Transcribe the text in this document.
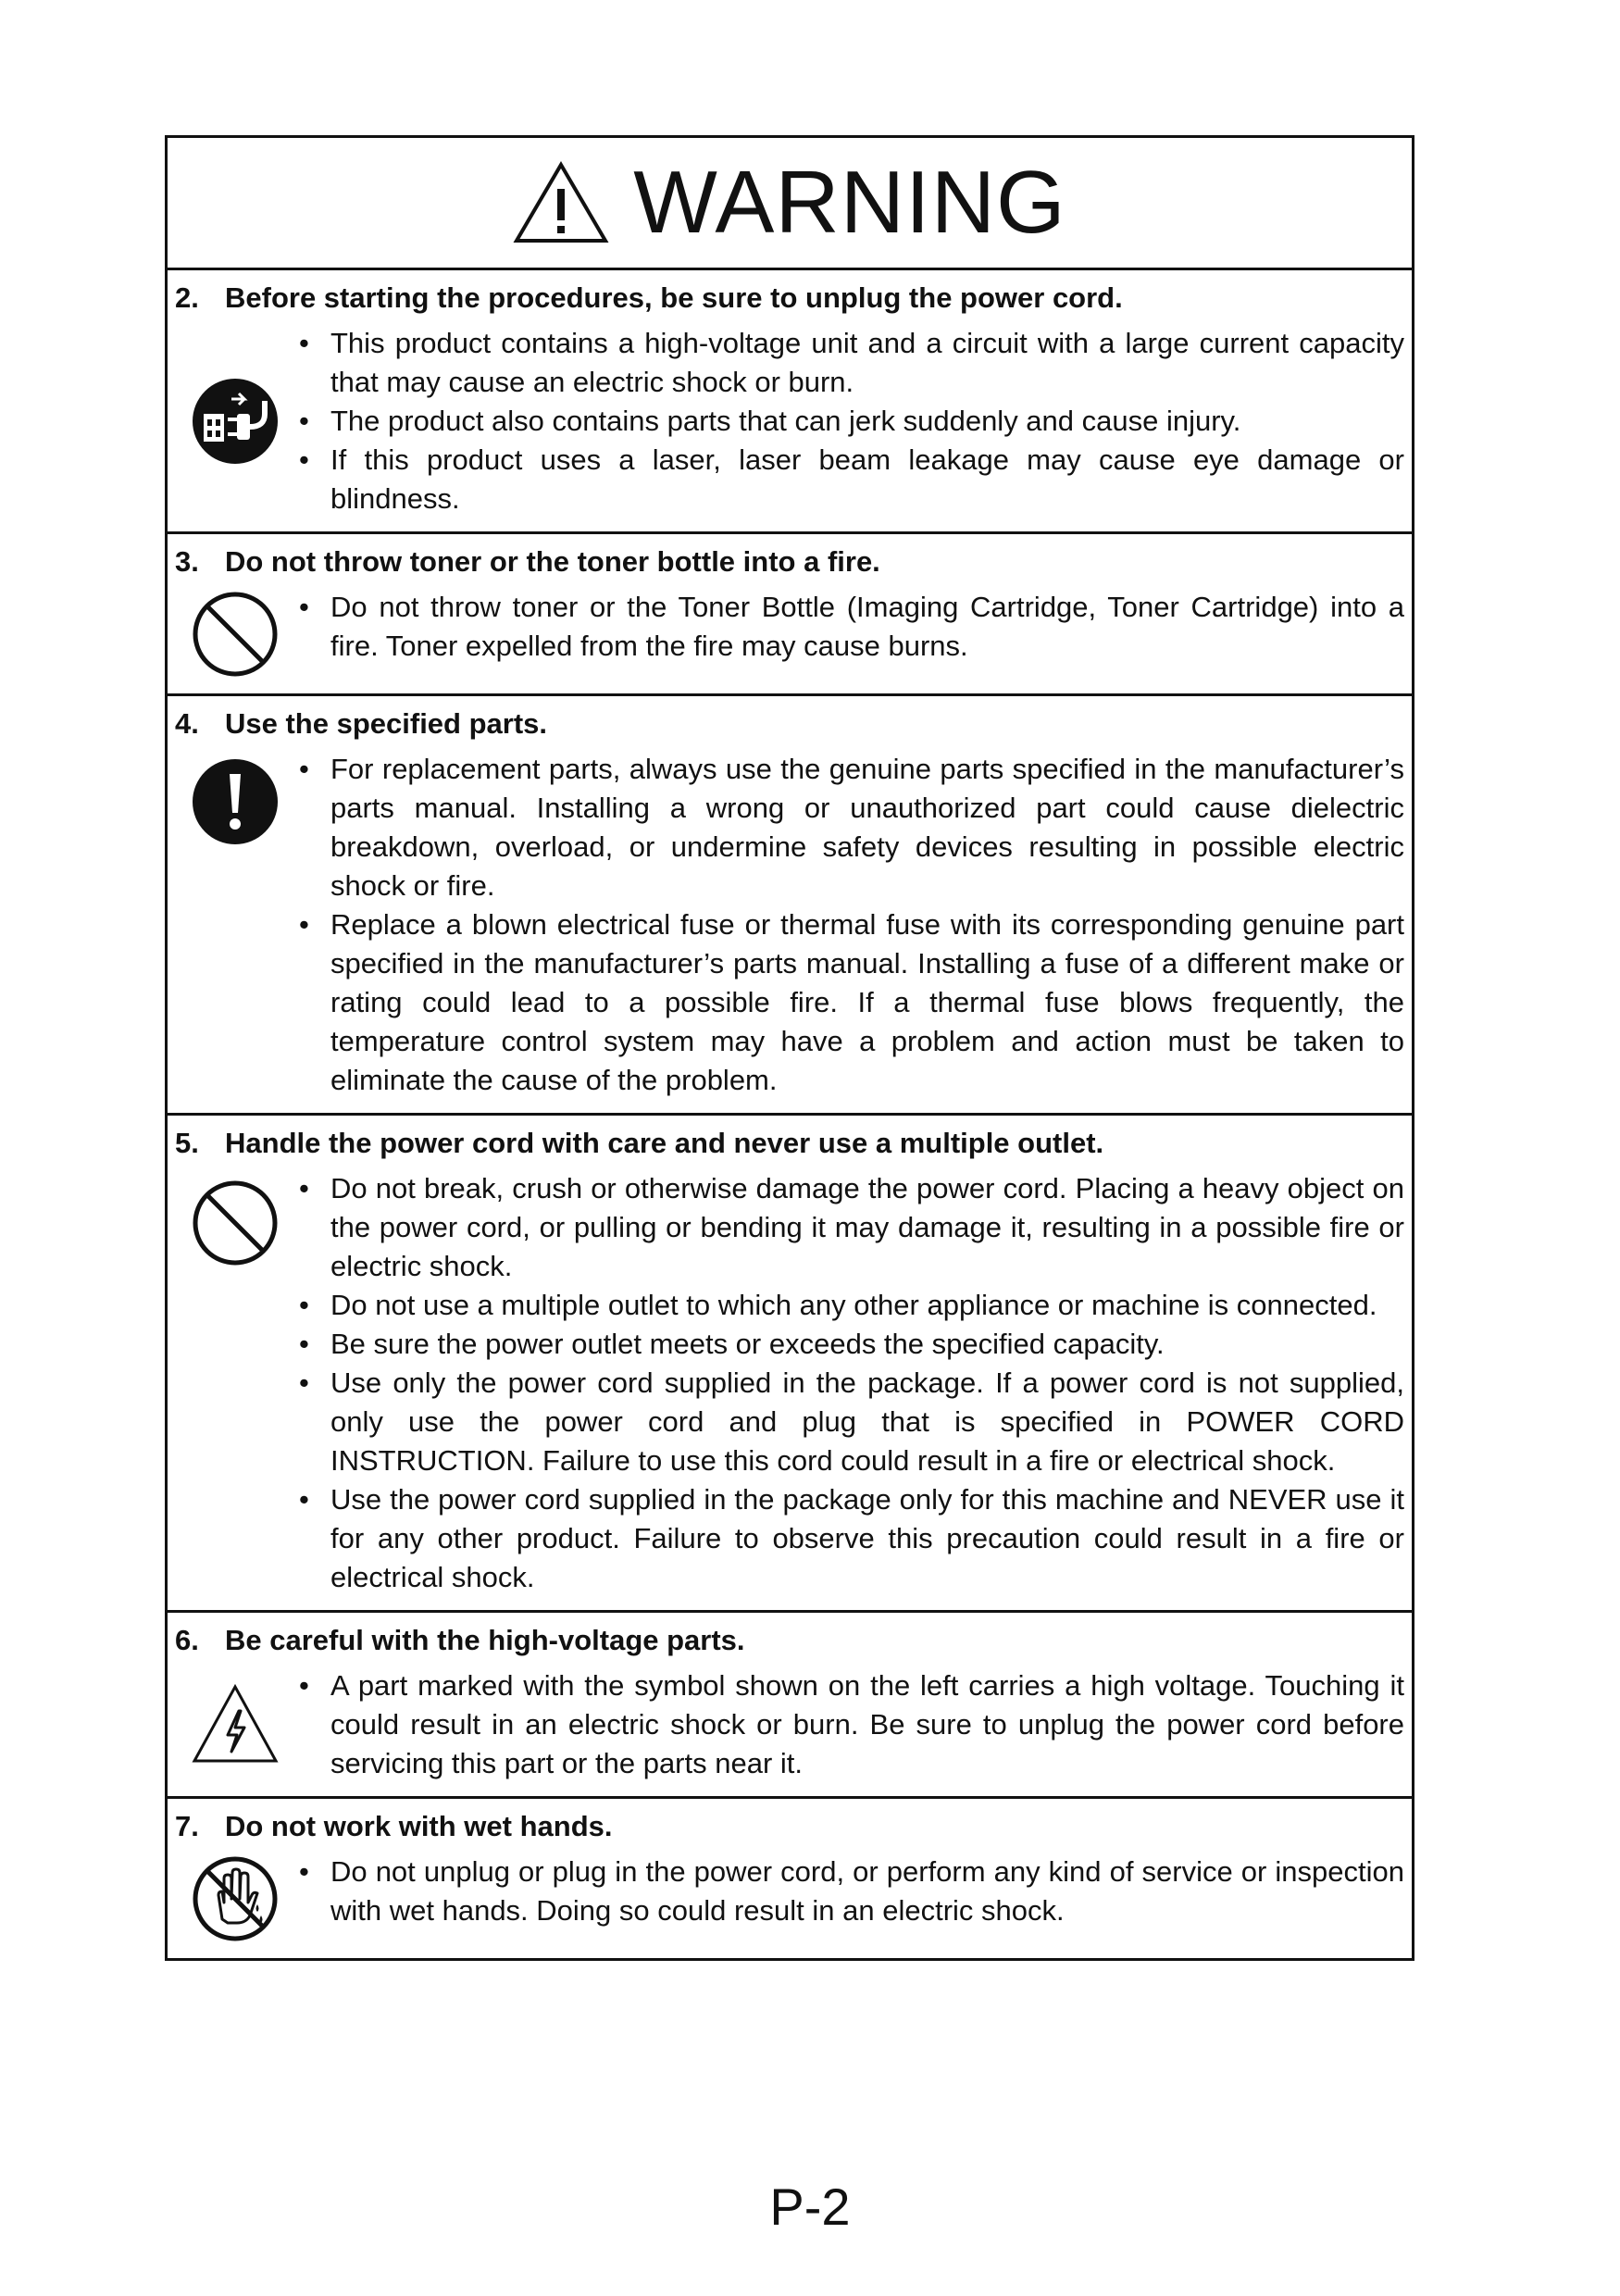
WARNING
2. Before starting the procedures, be sure to unplug the power cord.
• This product contains a high-voltage unit and a circuit with a large current capacity that may cause an electric shock or burn.
• The product also contains parts that can jerk suddenly and cause injury.
• If this product uses a laser, laser beam leakage may cause eye damage or blindness.
3. Do not throw toner or the toner bottle into a fire.
• Do not throw toner or the Toner Bottle (Imaging Cartridge, Toner Cartridge) into a fire. Toner expelled from the fire may cause burns.
4. Use the specified parts.
• For replacement parts, always use the genuine parts specified in the manufacturer’s parts manual. Installing a wrong or unauthorized part could cause dielectric breakdown, overload, or undermine safety devices resulting in possible electric shock or fire.
• Replace a blown electrical fuse or thermal fuse with its corresponding genuine part specified in the manufacturer’s parts manual. Installing a fuse of a different make or rating could lead to a possible fire. If a thermal fuse blows frequently, the temperature control system may have a problem and action must be taken to eliminate the cause of the problem.
5. Handle the power cord with care and never use a multiple outlet.
• Do not break, crush or otherwise damage the power cord. Placing a heavy object on the power cord, or pulling or bending it may damage it, resulting in a possible fire or electric shock.
• Do not use a multiple outlet to which any other appliance or machine is connected.
• Be sure the power outlet meets or exceeds the specified capacity.
• Use only the power cord supplied in the package. If a power cord is not supplied, only use the power cord and plug that is specified in POWER CORD INSTRUCTION. Failure to use this cord could result in a fire or electrical shock.
• Use the power cord supplied in the package only for this machine and NEVER use it for any other product. Failure to observe this precaution could result in a fire or electrical shock.
6. Be careful with the high-voltage parts.
• A part marked with the symbol shown on the left carries a high voltage. Touching it could result in an electric shock or burn. Be sure to unplug the power cord before servicing this part or the parts near it.
7. Do not work with wet hands.
• Do not unplug or plug in the power cord, or perform any kind of service or inspection with wet hands. Doing so could result in an electric shock.
P-2
